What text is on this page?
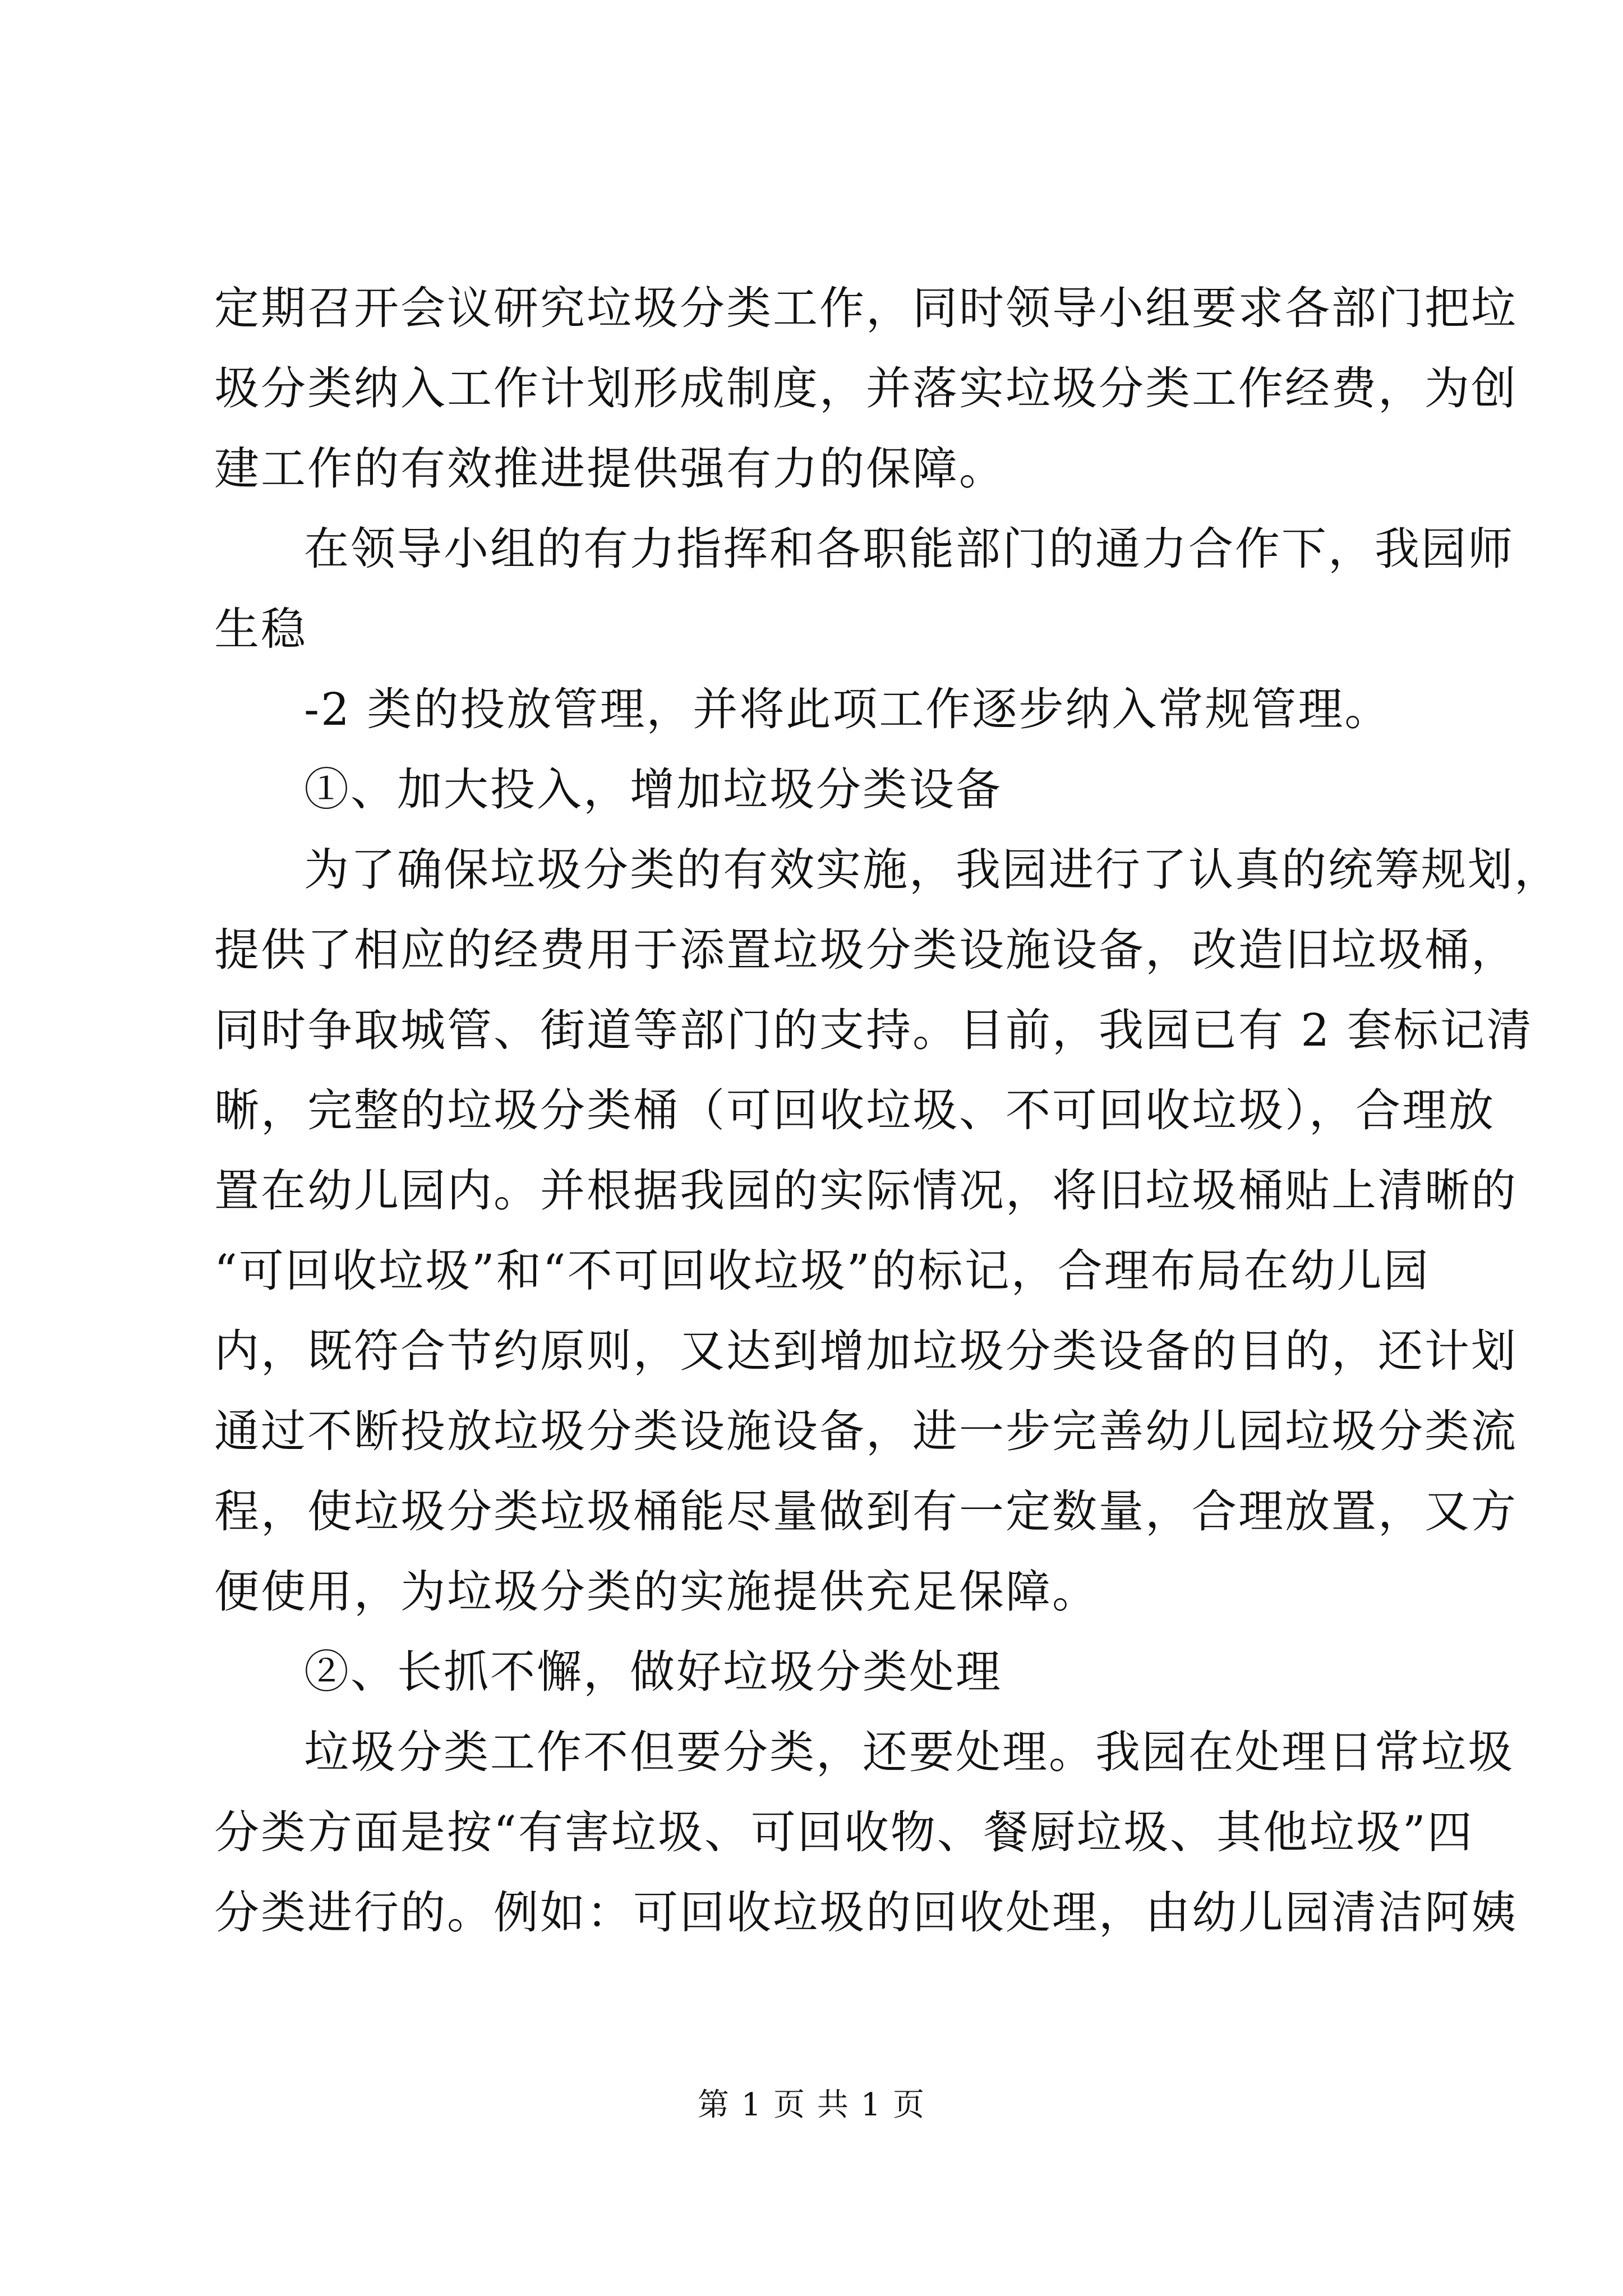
定期召开会议研究垃圾分类工作，同时领导小组要求各部门把垃
圾分类纳入工作计划形成制度，并落实垃圾分类工作经费，为创
建工作的有效推进提供强有力的保障。
在领导小组的有力指挥和各职能部门的通力合作下，我园师
生稳
-2 类的投放管理，并将此项工作逐步纳入常规管理。
①、加大投入，增加垃圾分类设备
为了确保垃圾分类的有效实施，我园进行了认真的统筹规划，
提供了相应的经费用于添置垃圾分类设施设备，改造旧垃圾桶，
同时争取城管、街道等部门的支持。目前，我园已有 2 套标记清
晰，完整的垃圾分类桶（可回收垃圾、不可回收垃圾），合理放
置在幼儿园内。并根据我园的实际情况，将旧垃圾桶贴上清晰的
“可回收垃圾”和“不可回收垃圾”的标记，合理布局在幼儿园
内，既符合节约原则，又达到增加垃圾分类设备的目的，还计划
通过不断投放垃圾分类设施设备，进一步完善幼儿园垃圾分类流
程，使垃圾分类垃圾桶能尽量做到有一定数量，合理放置，又方
便使用，为垃圾分类的实施提供充足保障。
②、长抓不懈，做好垃圾分类处理
垃圾分类工作不但要分类，还要处理。我园在处理日常垃圾
分类方面是按“有害垃圾、可回收物、餐厨垃圾、其他垃圾”四
分类进行的。例如：可回收垃圾的回收处理，由幼儿园清洁阿姨
第 1 页 共 1 页
